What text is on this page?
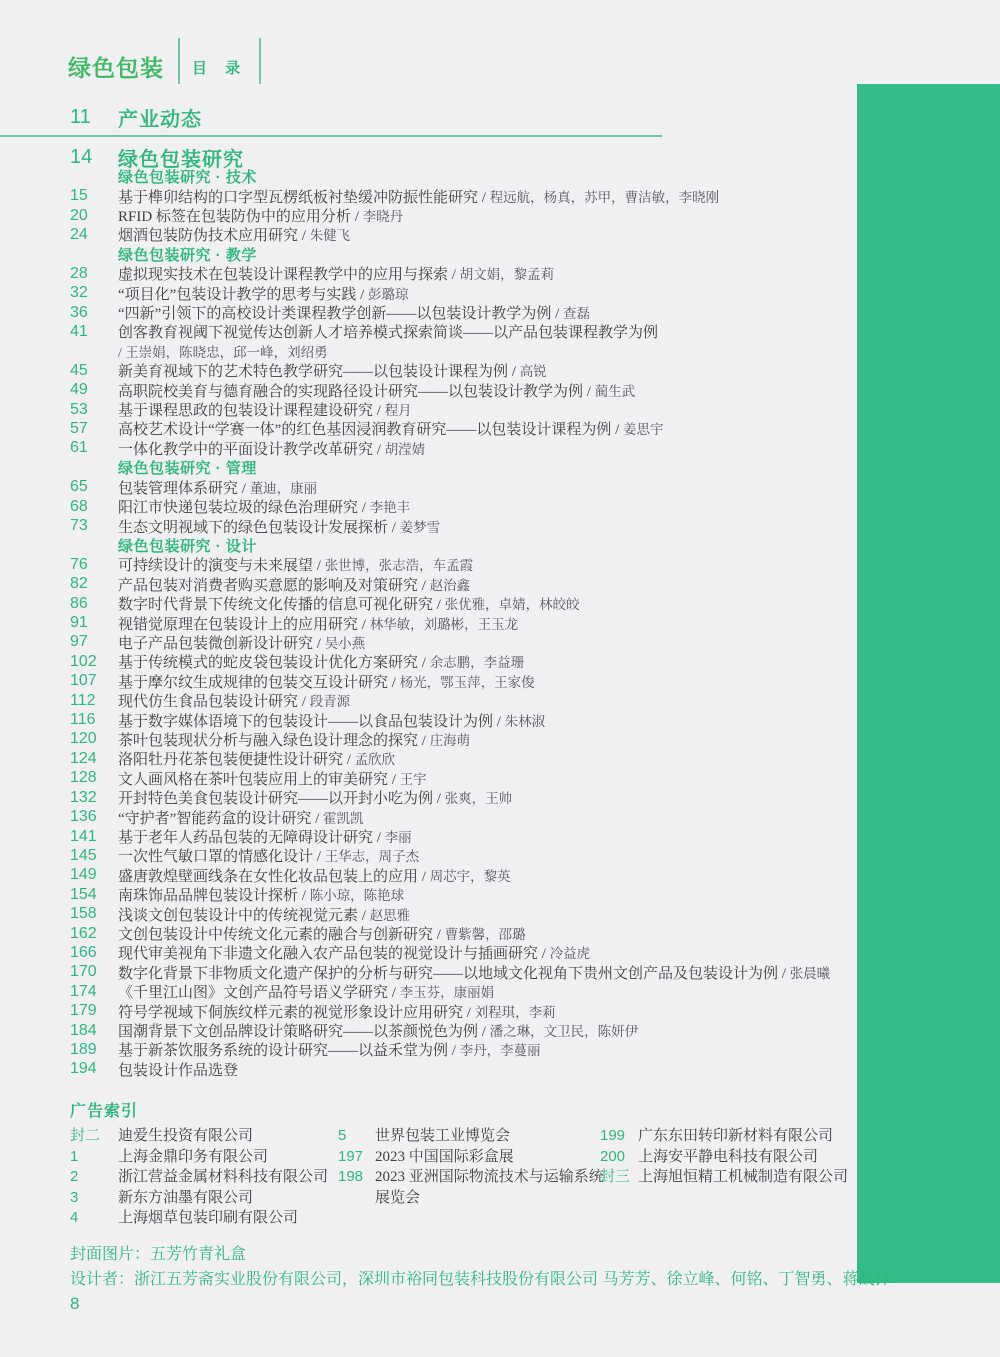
绿色包装 目 录
11	产业动态
14	绿色包装研究
绿色包装研究 · 技术
15	基于榫卯结构的口字型瓦楞纸板衬垫缓冲防振性能研究 / 程远航，杨真，苏甲，曹洁敏，李晓刚
20	RFID 标签在包装防伪中的应用分析 / 李晓丹
24	烟酒包装防伪技术应用研究 / 朱健飞
绿色包装研究 · 教学
28	虚拟现实技术在包装设计课程教学中的应用与探索 / 胡文娟，黎孟莉
32	“项目化”包装设计教学的思考与实践 / 彭璐琼
36	“四新”引领下的高校设计类课程教学创新——以包装设计教学为例 / 查磊
41	创客教育视阈下视觉传达创新人才培养模式探索简谈——以产品包装课程教学为例
/ 王崇娟，陈晓忠，邱一峰，刘绍勇
45	新美育视域下的艺术特色教学研究——以包装设计课程为例 / 高锐
49	高职院校美育与德育融合的实现路径设计研究——以包装设计教学为例 / 蔺生武
53	基于课程思政的包装设计课程建设研究 / 程月
57	高校艺术设计“学赛一体”的红色基因浸润教育研究——以包装设计课程为例 / 姜思宇
61	一体化教学中的平面设计教学改革研究 / 胡滢婧
绿色包装研究 · 管理
65	包装管理体系研究 / 董迪，康丽
68	阳江市快递包装垃圾的绿色治理研究 / 李艳丰
73	生态文明视域下的绿色包装设计发展探析 / 姜梦雪
绿色包装研究 · 设计
76	可持续设计的演变与未来展望 / 张世博，张志浩，车孟霞
82	产品包装对消费者购买意愿的影响及对策研究 / 赵治鑫
86	数字时代背景下传统文化传播的信息可视化研究 / 张优雅，卓婧，林皎皎
91	视错觉原理在包装设计上的应用研究 / 林华敏，刘璐彬，王玉龙
97	电子产品包装微创新设计研究 / 吴小燕
102	基于传统模式的蛇皮袋包装设计优化方案研究 / 余志鹏，李益珊
107	基于摩尔纹生成规律的包装交互设计研究 / 杨光，鄂玉萍，王家俊
112	现代仿生食品包装设计研究 / 段青源
116	基于数字媒体语境下的包装设计——以食品包装设计为例 / 朱林淑
120	茶叶包装现状分析与融入绿色设计理念的探究 / 庄海萌
124	洛阳牡丹花茶包装便捷性设计研究 / 孟欣欣
128	文人画风格在茶叶包装应用上的审美研究 / 王宇
132	开封特色美食包装设计研究——以开封小吃为例 / 张爽，王帅
136	“守护者”智能药盒的设计研究 / 霍凯凯
141	基于老年人药品包装的无障碍设计研究 / 李丽
145	一次性气敏口罩的情感化设计 / 王华志，周子杰
149	盛唐敦煌壁画线条在女性化妆品包装上的应用 / 周芯宇，黎英
154	南珠饰品品牌包装设计探析 / 陈小琼，陈艳球
158	浅谈文创包装设计中的传统视觉元素 / 赵思雅
162	文创包装设计中传统文化元素的融合与创新研究 / 曹紫馨，邵璐
166	现代审美视角下非遗文化融入农产品包装的视觉设计与插画研究 / 冷益虎
170	数字化背景下非物质文化遗产保护的分析与研究——以地域文化视角下贵州文创产品及包装设计为例 / 张晨曦
174	《千里江山图》文创产品符号语义学研究 / 李玉芬，康丽娟
179	符号学视域下侗族纹样元素的视觉形象设计应用研究 / 刘程琪，李莉
184	国潮背景下文创品牌设计策略研究——以茶颜悦色为例 / 潘之琳，文卫民，陈妍伊
189	基于新茶饮服务系统的设计研究——以益禾堂为例 / 李丹，李蔓丽
194	包装设计作品选登
广告索引
封二	迪爱生投资有限公司
1	上海金鼎印务有限公司
2	浙江营益金属材料科技有限公司
3	新东方油墨有限公司
4	上海烟草包装印刷有限公司
5	世界包装工业博览会
197 2023 中国国际彩盒展
198 2023 亚洲国际物流技术与运输系统展览会
199 广东东田转印新材料有限公司
200 上海安平静电科技有限公司
封三 上海旭恒精工机械制造有限公司
封面图片：五芳竹青礼盒
设计者：浙江五芳斋实业股份有限公司，深圳市裕同包装科技股份有限公司 马芳芳、徐立峰、何铭、丁智勇、蒋战锋
8
